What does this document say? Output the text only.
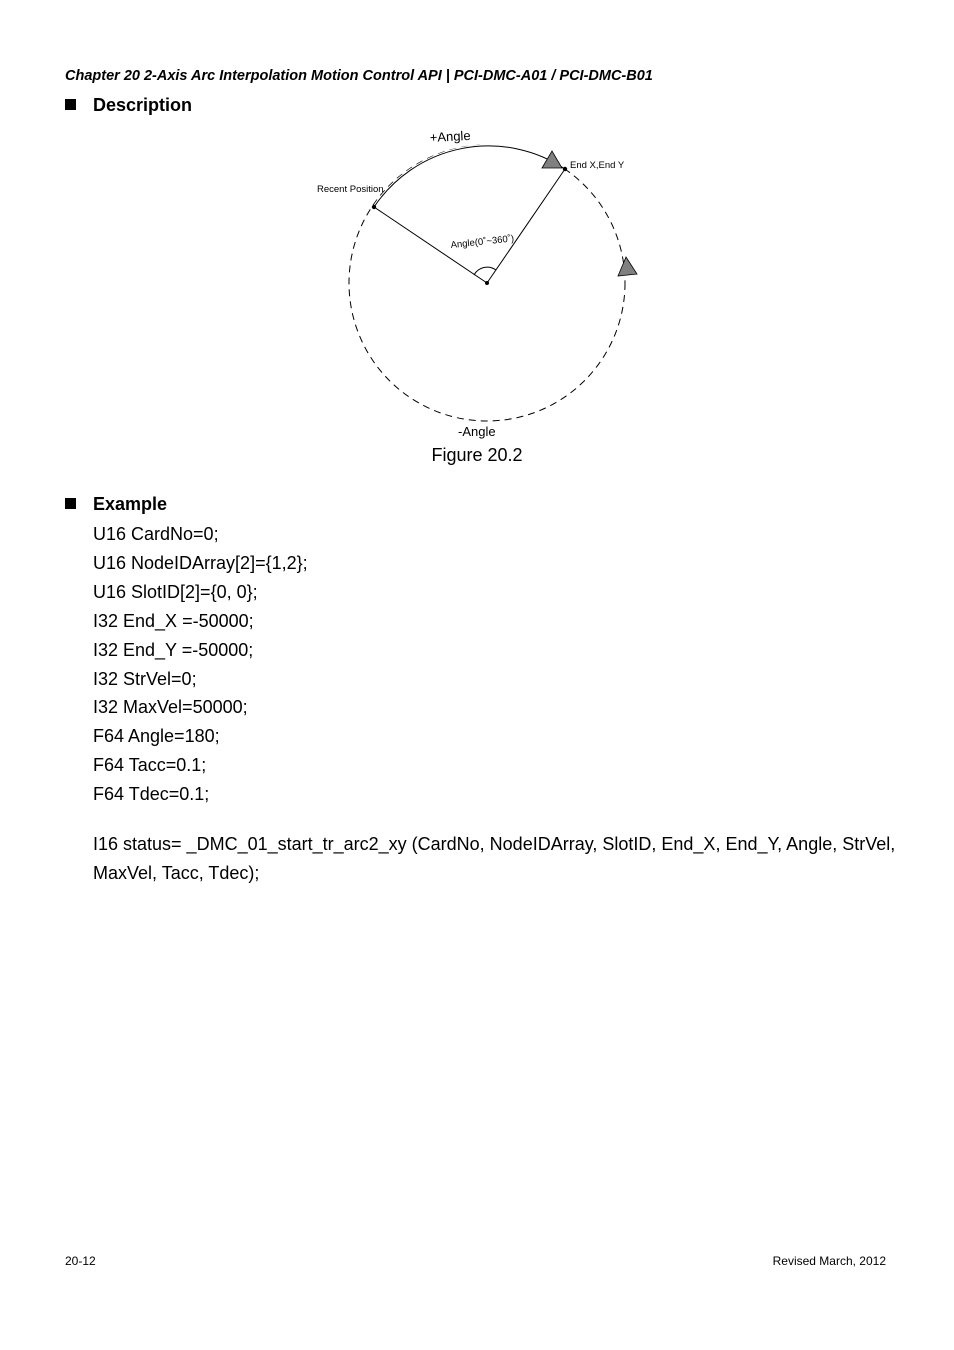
Chapter 20 2-Axis Arc Interpolation Motion Control API | PCI-DMC-A01 / PCI-DMC-B01
Description
+Angle
Recent Position
End X,End Y
Angle(0˚~360˚)
-Angle
Figure 20.2
Example
U16 CardNo=0;
U16 NodeIDArray[2]={1,2};
U16 SlotID[2]={0, 0};
I32 End_X =-50000;
I32 End_Y =-50000;
I32 StrVel=0;
I32 MaxVel=50000;
F64 Angle=180;
F64 Tacc=0.1;
F64 Tdec=0.1;
I16 status= _DMC_01_start_tr_arc2_xy (CardNo, NodeIDArray, SlotID, End_X, End_Y, Angle, StrVel, MaxVel, Tacc, Tdec);
20-12	Revised March, 2012
